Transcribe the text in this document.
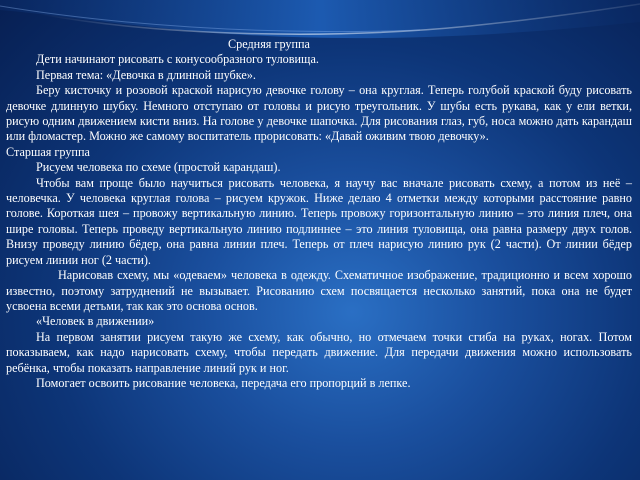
Средняя группа

Дети начинают рисовать с конусообразного туловища.

Первая тема: «Девочка в длинной шубке».

Беру кисточку и розовой краской нарисую девочке голову – она круглая. Теперь голубой краской буду рисовать девочке длинную шубку. Немного отступаю от головы и рисую треугольник. У шубы есть рукава, как у ели ветки, рисую одним движением кисти вниз. На голове у девочке шапочка. Для рисования глаз, губ, носа можно дать карандаш или фломастер. Можно же самому воспитатель прорисовать: «Давай оживим твою девочку».

Старшая группа

Рисуем человека по схеме (простой карандаш).

Чтобы вам проще было научиться рисовать человека, я научу вас вначале рисовать схему, а потом из неё – человечка. У человека круглая голова – рисуем кружок. Ниже делаю 4 отметки между которыми расстояние равно голове. Короткая шея – провожу вертикальную линию. Теперь провожу горизонтальную линию – это линия плеч, она шире головы. Теперь проведу вертикальную линию подлиннее – это линия туловища, она равна размеру двух голов. Внизу проведу линию бёдер, она равна линии плеч. Теперь от плеч нарисую линию рук (2 части). От линии бёдер рисуем линии ног (2 части).

Нарисовав схему, мы «одеваем» человека в одежду. Схематичное изображение, традиционно и всем хорошо известно, поэтому затруднений не вызывает. Рисованию схем посвящается несколько занятий, пока она не будет усвоена всеми детьми, так как это основа основ.

«Человек в движении»

На первом занятии рисуем такую же схему, как обычно, но отмечаем точки сгиба на руках, ногах. Потом показываем, как надо нарисовать схему, чтобы передать движение. Для передачи движения можно использовать ребёнка, чтобы показать направление линий рук и ног.

Помогает освоить рисование человека, передача его пропорций в лепке.
